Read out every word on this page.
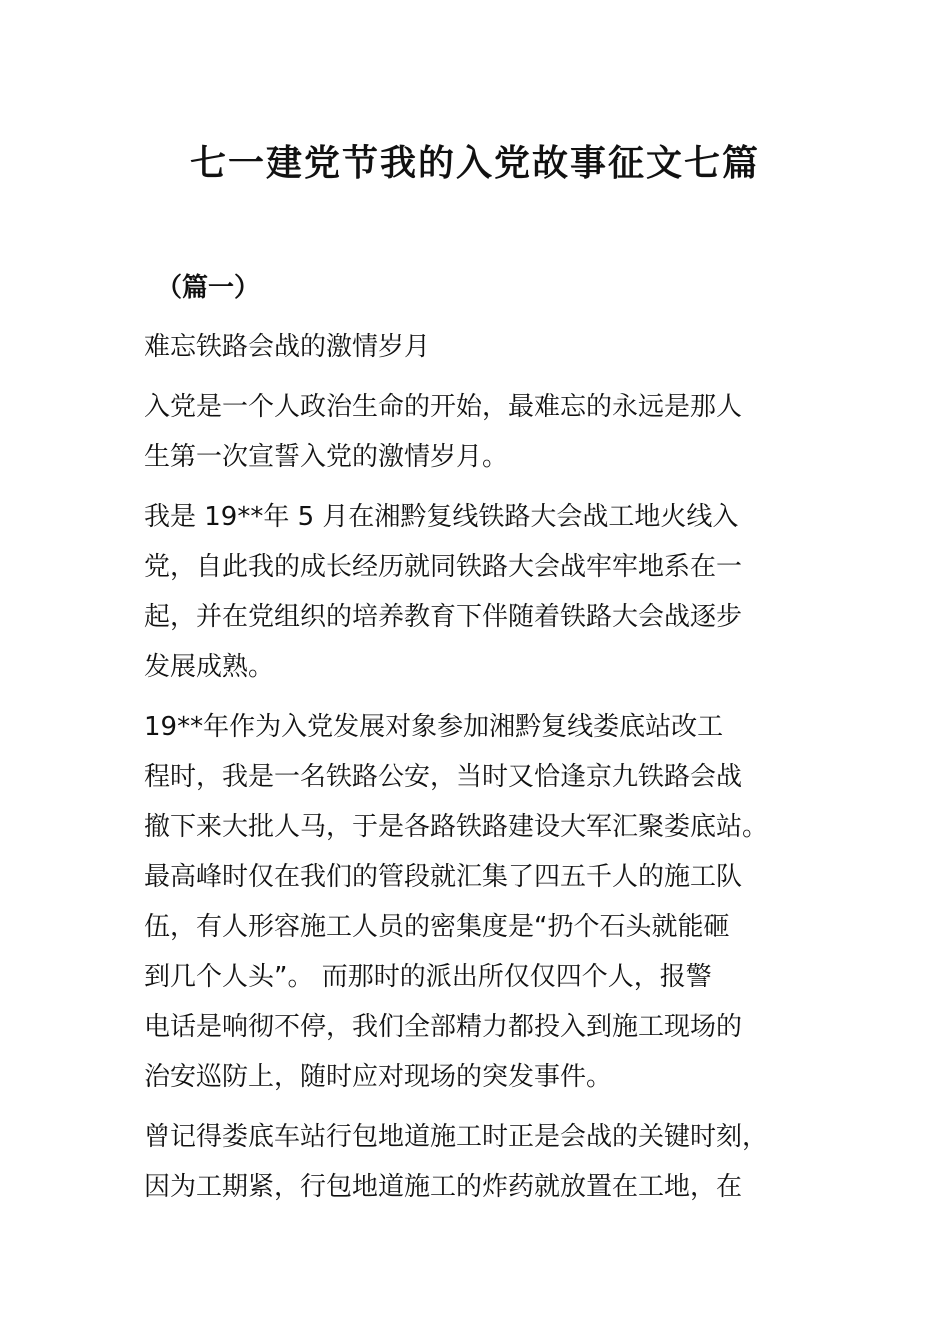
七一建党节我的入党故事征文七篇
（篇一）
难忘铁路会战的激情岁月
入党是一个人政治生命的开始，最难忘的永远是那人
生第一次宣誓入党的激情岁月。
我是 19**年 5 月在湘黔复线铁路大会战工地火线入
党，自此我的成长经历就同铁路大会战牢牢地系在一
起，并在党组织的培养教育下伴随着铁路大会战逐步
发展成熟。
19**年作为入党发展对象参加湘黔复线娄底站改工
程时，我是一名铁路公安，当时又恰逢京九铁路会战
撤下来大批人马，于是各路铁路建设大军汇聚娄底站。
最高峰时仅在我们的管段就汇集了四五千人的施工队
伍，有人形容施工人员的密集度是“扔个石头就能砸
到几个人头”。 而那时的派出所仅仅四个人，报警
电话是响彻不停，我们全部精力都投入到施工现场的
治安巡防上，随时应对现场的突发事件。
曾记得娄底车站行包地道施工时正是会战的关键时刻，
因为工期紧，行包地道施工的炸药就放置在工地，在
